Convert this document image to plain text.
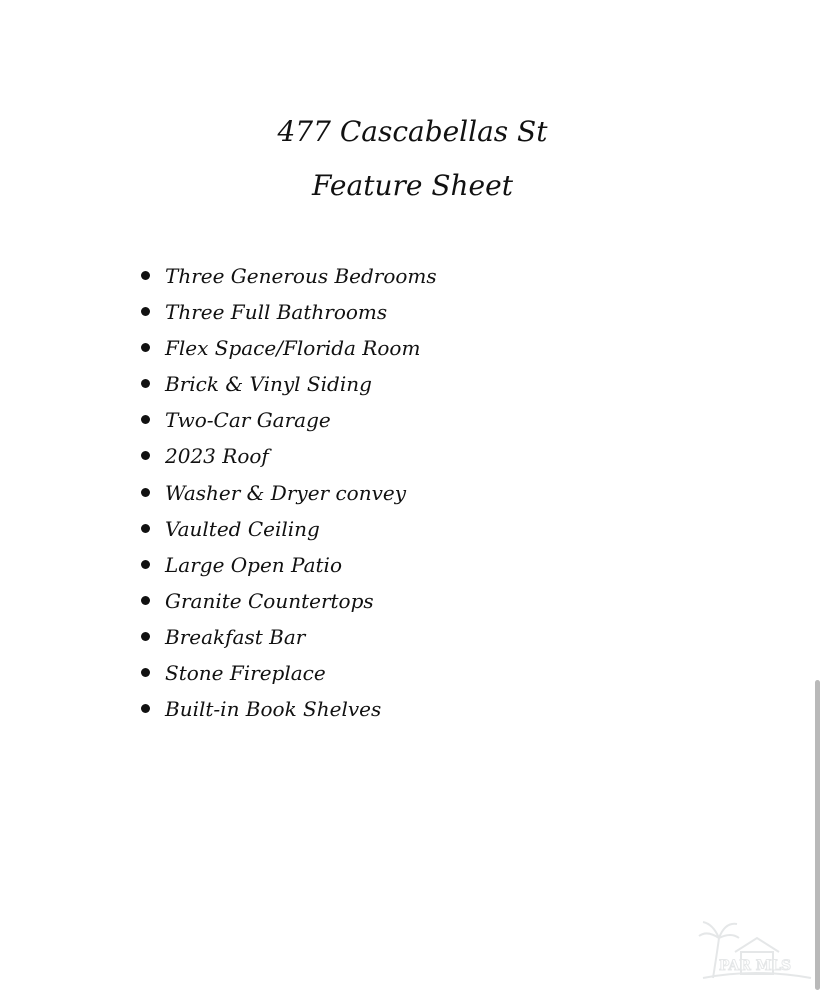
477 Cascabellas St
Feature Sheet
Three Generous Bedrooms
Three Full Bathrooms
Flex Space/Florida Room
Brick & Vinyl Siding
Two-Car Garage
2023 Roof
Washer & Dryer convey
Vaulted Ceiling
Large Open Patio
Granite Countertops
Breakfast Bar
Stone Fireplace
Built-in Book Shelves
PAR MLS
